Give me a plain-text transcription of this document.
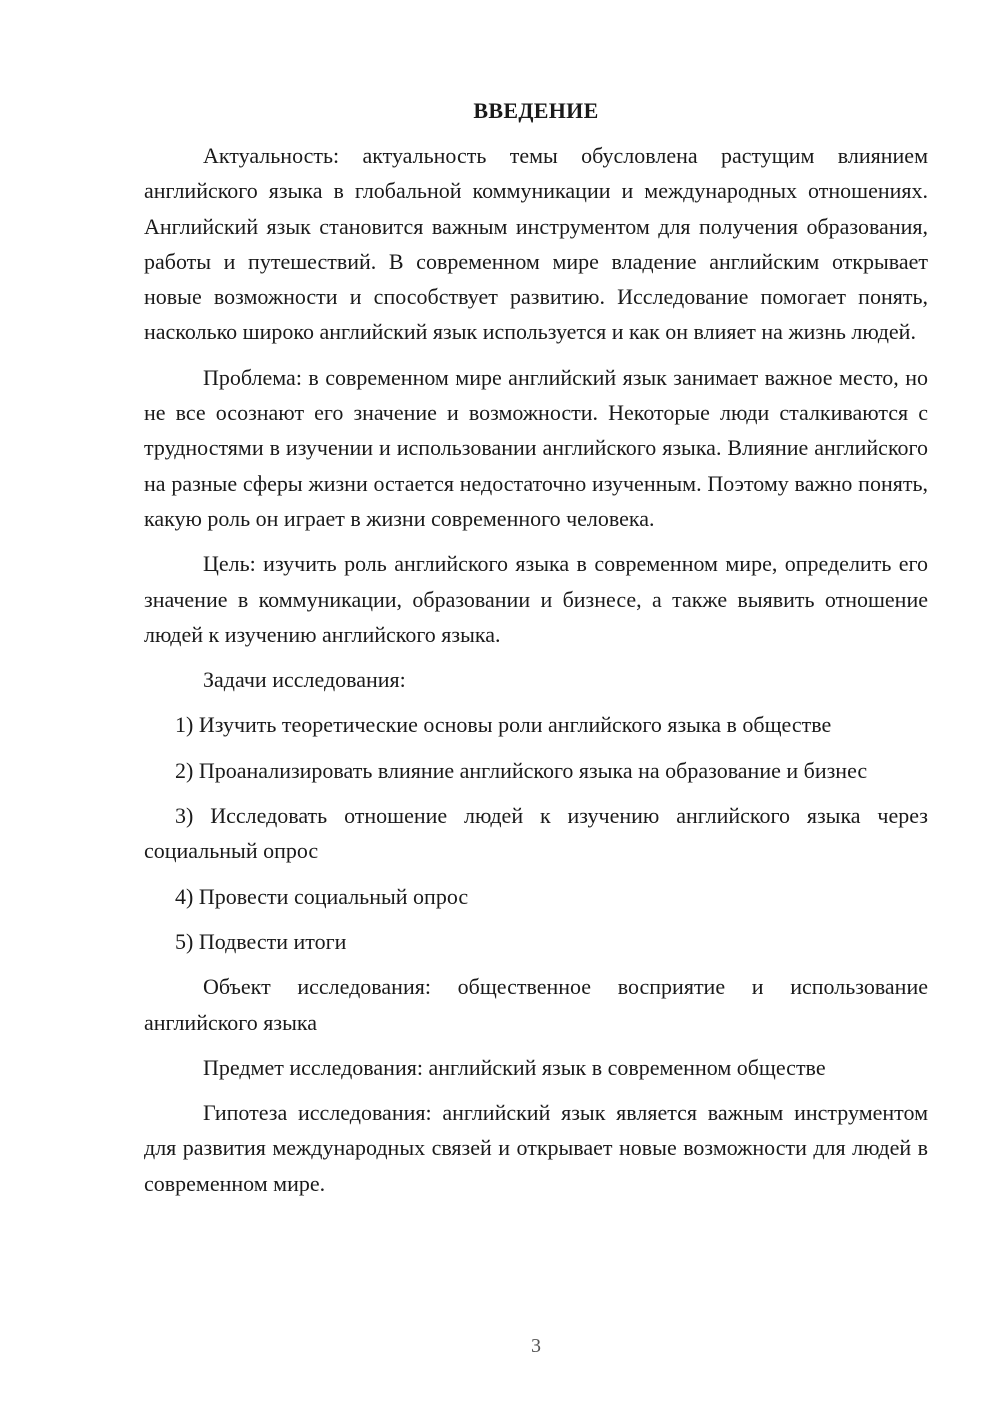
ВВЕДЕНИЕ

Актуальность: актуальность темы обусловлена растущим влиянием английского языка в глобальной коммуникации и международных отношениях. Английский язык становится важным инструментом для получения образования, работы и путешествий. В современном мире владение английским открывает новые возможности и способствует развитию. Исследование помогает понять, насколько широко английский язык используется и как он влияет на жизнь людей.

Проблема: в современном мире английский язык занимает важное место, но не все осознают его значение и возможности. Некоторые люди сталкиваются с трудностями в изучении и использовании английского языка. Влияние английского на разные сферы жизни остается недостаточно изученным. Поэтому важно понять, какую роль он играет в жизни современного человека.

Цель: изучить роль английского языка в современном мире, определить его значение в коммуникации, образовании и бизнесе, а также выявить отношение людей к изучению английского языка.

Задачи исследования:

1) Изучить теоретические основы роли английского языка в обществе

2) Проанализировать влияние английского языка на образование и бизнес

3) Исследовать отношение людей к изучению английского языка через социальный опрос

4) Провести социальный опрос

5) Подвести итоги

Объект исследования: общественное восприятие и использование английского языка

Предмет исследования: английский язык в современном обществе

Гипотеза исследования: английский язык является важным инструментом для развития международных связей и открывает новые возможности для людей в современном мире.

3
